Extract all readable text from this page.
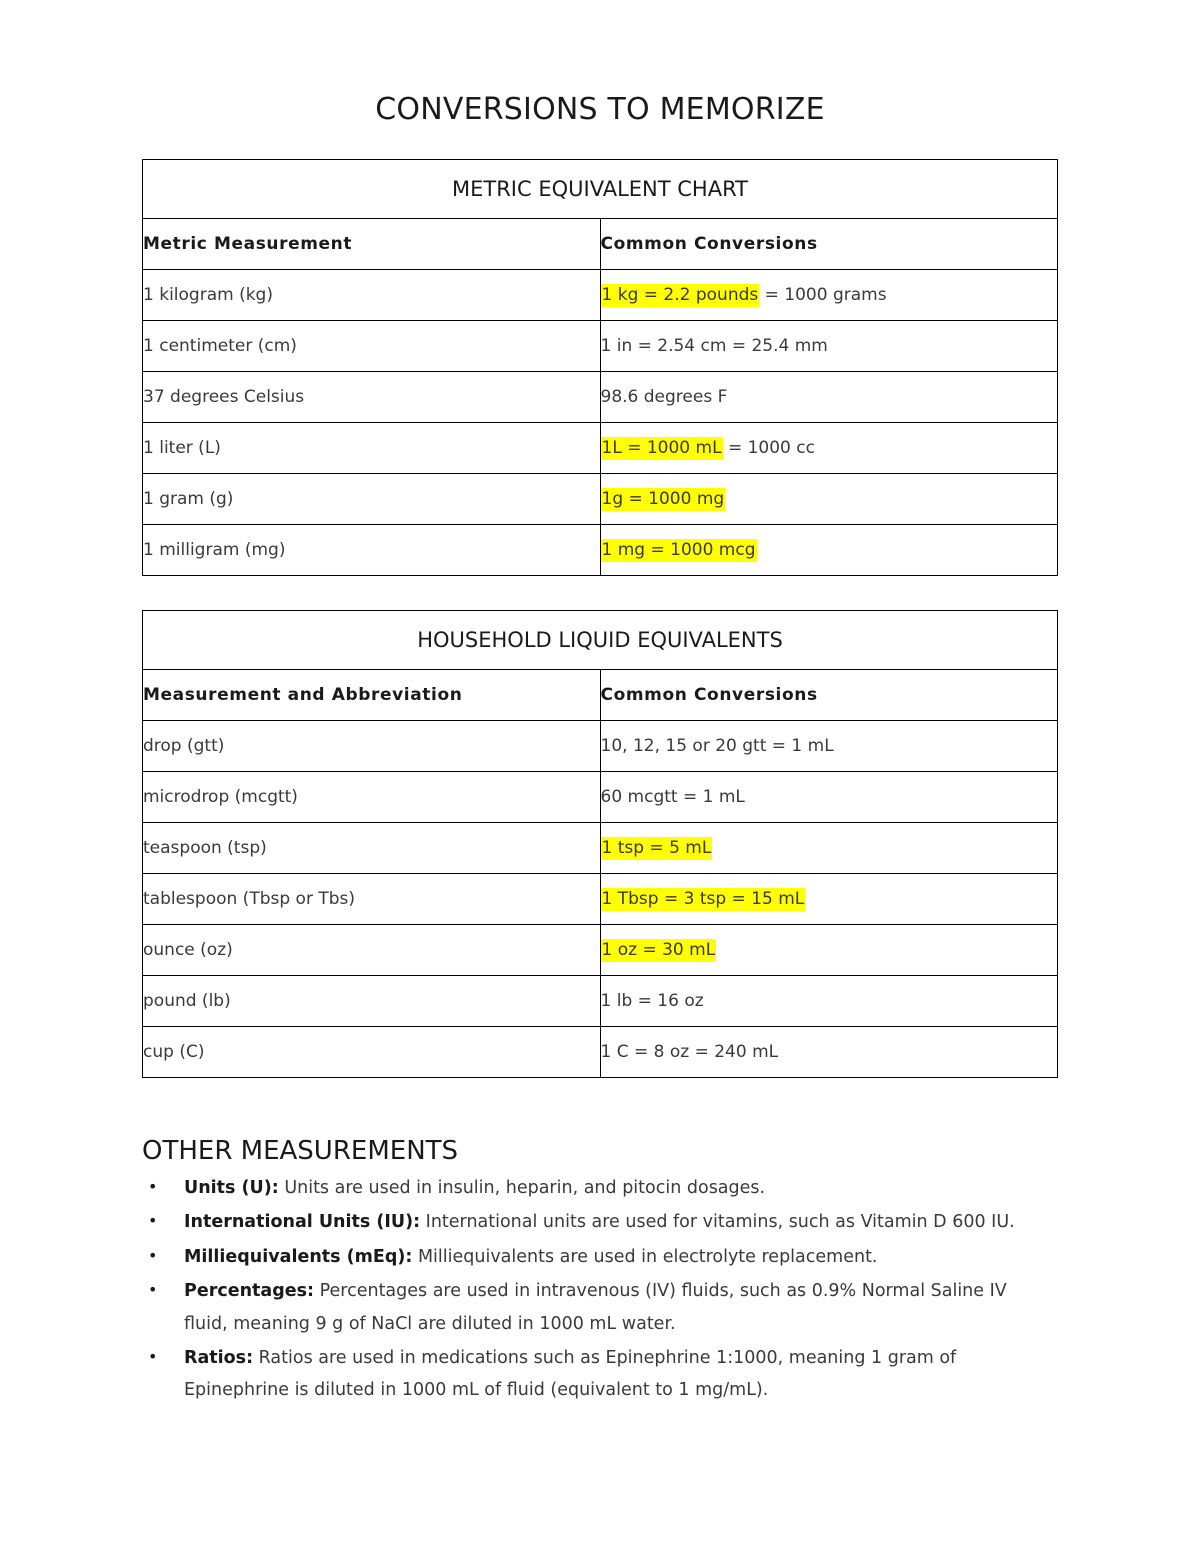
CONVERSIONS TO MEMORIZE
METRIC EQUIVALENT CHART	
Metric Measurement	Common Conversions
1 kilogram (kg)	1 kg = 2.2 pounds = 1000 grams
1 centimeter (cm)	1 in = 2.54 cm = 25.4 mm
37 degrees Celsius	98.6 degrees F
1 liter (L)	1L = 1000 mL = 1000 cc
1 gram (g)	1g = 1000 mg
1 milligram (mg)	1 mg = 1000 mcg
HOUSEHOLD LIQUID EQUIVALENTS	
Measurement and Abbreviation	Common Conversions
drop (gtt)	10, 12, 15 or 20 gtt = 1 mL
microdrop (mcgtt)	60 mcgtt = 1 mL
teaspoon (tsp)	1 tsp = 5 mL
tablespoon (Tbsp or Tbs)	1 Tbsp = 3 tsp = 15 mL
ounce (oz)	1 oz = 30 mL
pound (lb)	1 lb = 16 oz
cup (C)	1 C = 8 oz = 240 mL
OTHER MEASUREMENTS
• Units (U): Units are used in insulin, heparin, and pitocin dosages.
• International Units (IU): International units are used for vitamins, such as Vitamin D 600 IU.
• Milliequivalents (mEq): Milliequivalents are used in electrolyte replacement.
• Percentages: Percentages are used in intravenous (IV) fluids, such as 0.9% Normal Saline IV fluid, meaning 9 g of NaCl are diluted in 1000 mL water.
• Ratios: Ratios are used in medications such as Epinephrine 1:1000, meaning 1 gram of Epinephrine is diluted in 1000 mL of fluid (equivalent to 1 mg/mL).
